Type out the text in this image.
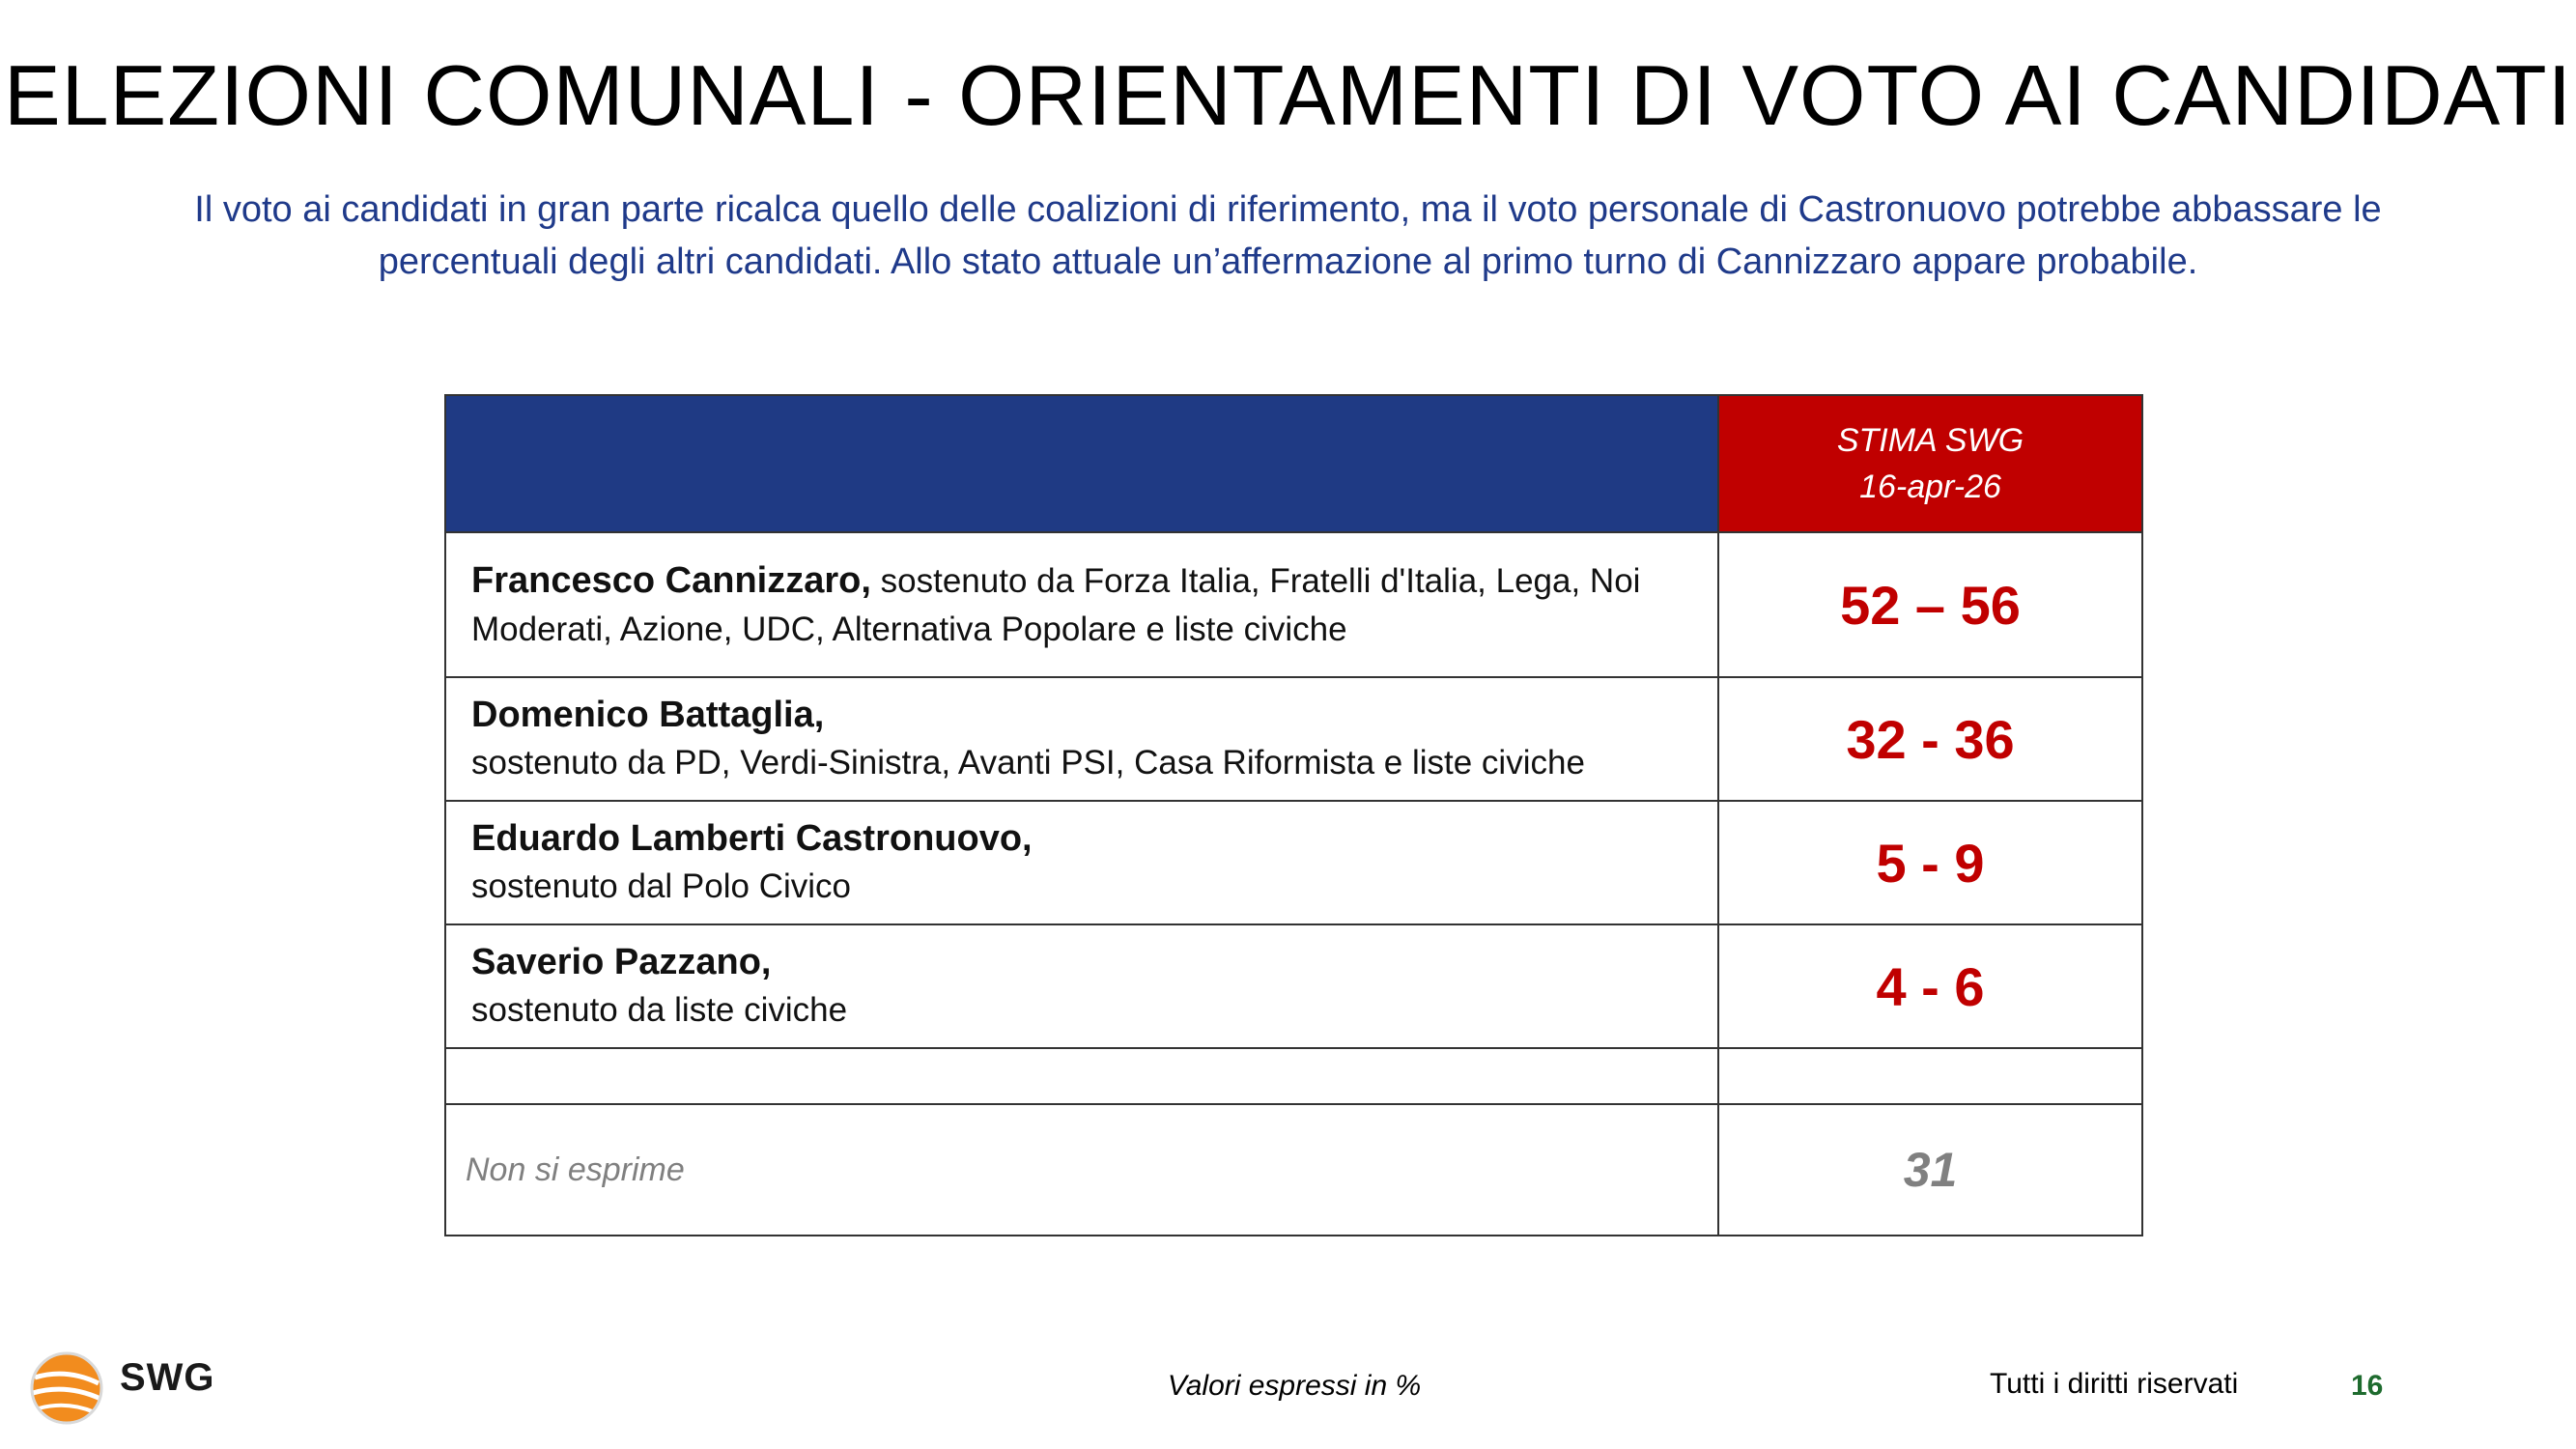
ELEZIONI COMUNALI - ORIENTAMENTI DI VOTO AI CANDIDATI
Il voto ai candidati in gran parte ricalca quello delle coalizioni di riferimento, ma il voto personale di Castronuovo potrebbe abbassare le
percentuali degli altri candidati. Allo stato attuale un’affermazione al primo turno di Cannizzaro appare probabile.

	STIMA SWG
16-apr-26

Francesco Cannizzaro, sostenuto da Forza Italia, Fratelli d'Italia, Lega, Noi Moderati, Azione, UDC, Alternativa Popolare e liste civiche	52 – 56

Domenico Battaglia,
sostenuto da PD, Verdi-Sinistra, Avanti PSI, Casa Riformista e liste civiche	32 - 36

Eduardo Lamberti Castronuovo,
sostenuto dal Polo Civico	5 - 9

Saverio Pazzano,
sostenuto da liste civiche	4 - 6

Non si esprime	31
SWG	Valori espressi in %	Tutti i diritti riservati	16
